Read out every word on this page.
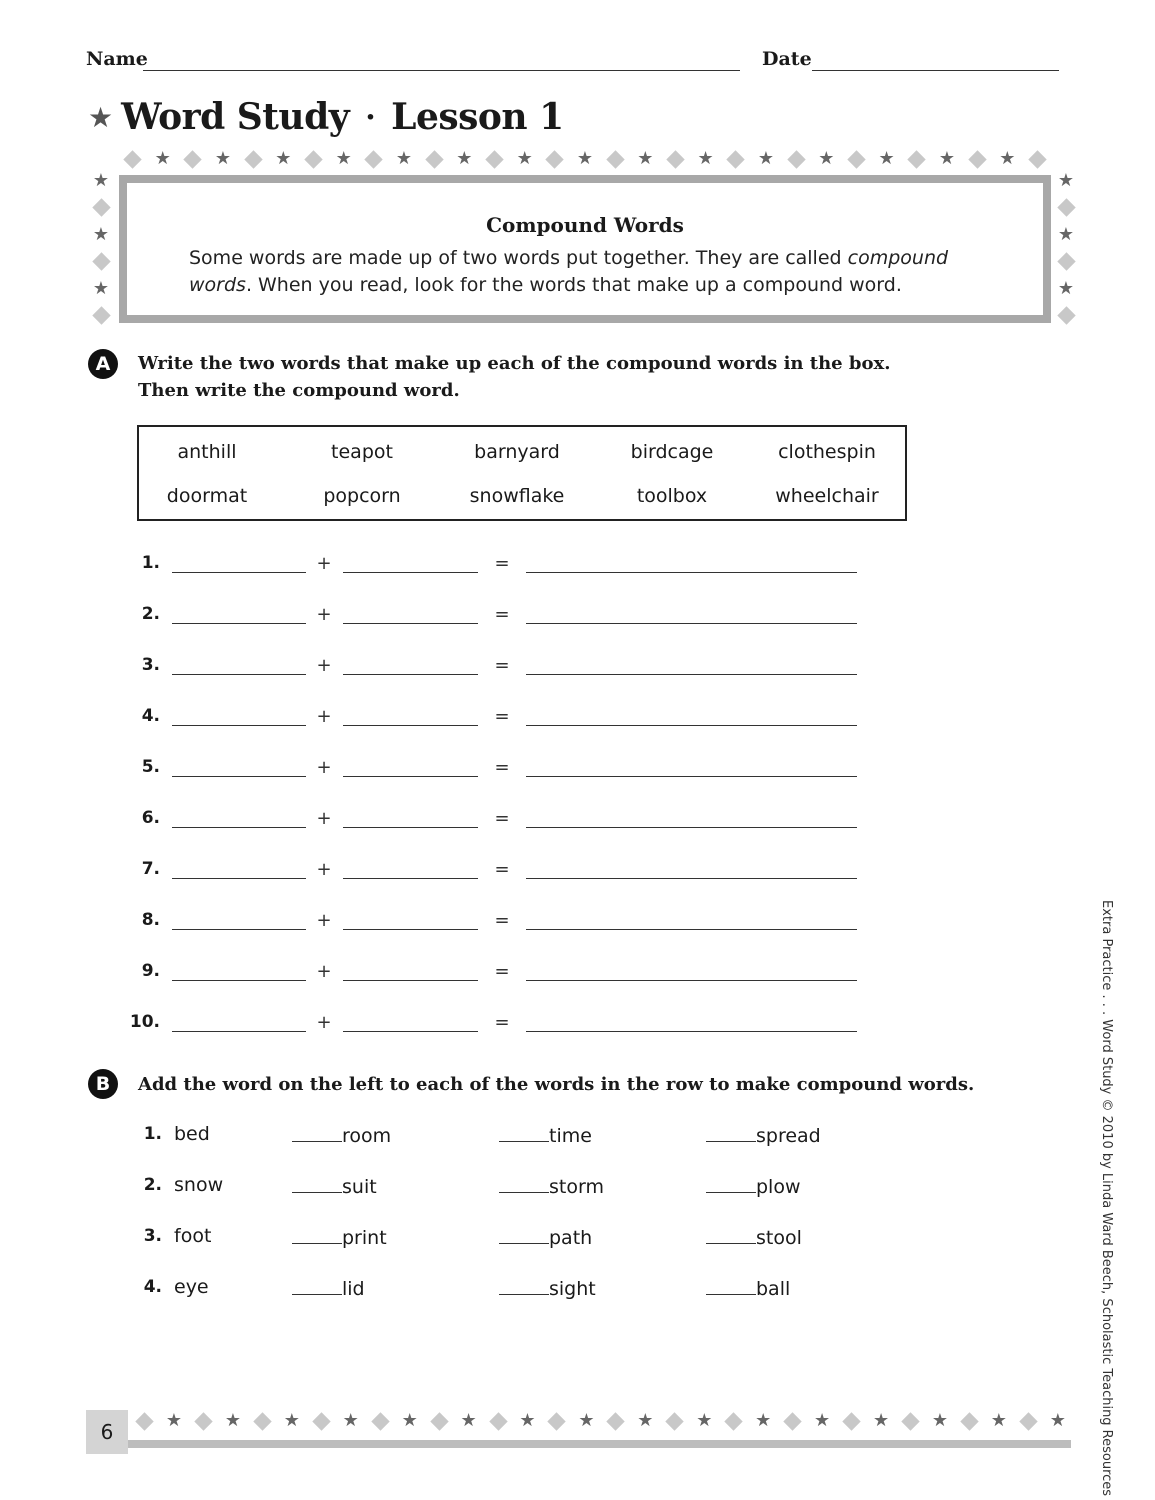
Name	Date
★ Word Study · Lesson 1
★ ★ ★ ★ ★ ★ ★ ★ ★ ★ ★ ★ ★ ★ ★
★
★
★
★
★
★
Compound Words
Some words are made up of two words put together. They are called compound words. When you read, look for the words that make up a compound word.
A	Write the two words that make up each of the compound words in the box.
Then write the compound word.
anthill	teapot	barnyard	birdcage	clothespin
doormat	popcorn	snowflake	toolbox	wheelchair
1.	+	=
2.	+	=
3.	+	=
4.	+	=
5.	+	=
6.	+	=
7.	+	=
8.	+	=
9.	+	=
10.	+	=
B	Add the word on the left to each of the words in the row to make compound words.
1. bed	room	time	spread
2. snow	suit	storm	plow
3. foot	print	path	stool
4. eye	lid	sight	ball
6	★ ★ ★ ★ ★ ★ ★ ★ ★ ★ ★ ★ ★ ★ ★ ★	Extra Practice . . . Word Study © 2010 by Linda Ward Beech, Scholastic Teaching Resources
